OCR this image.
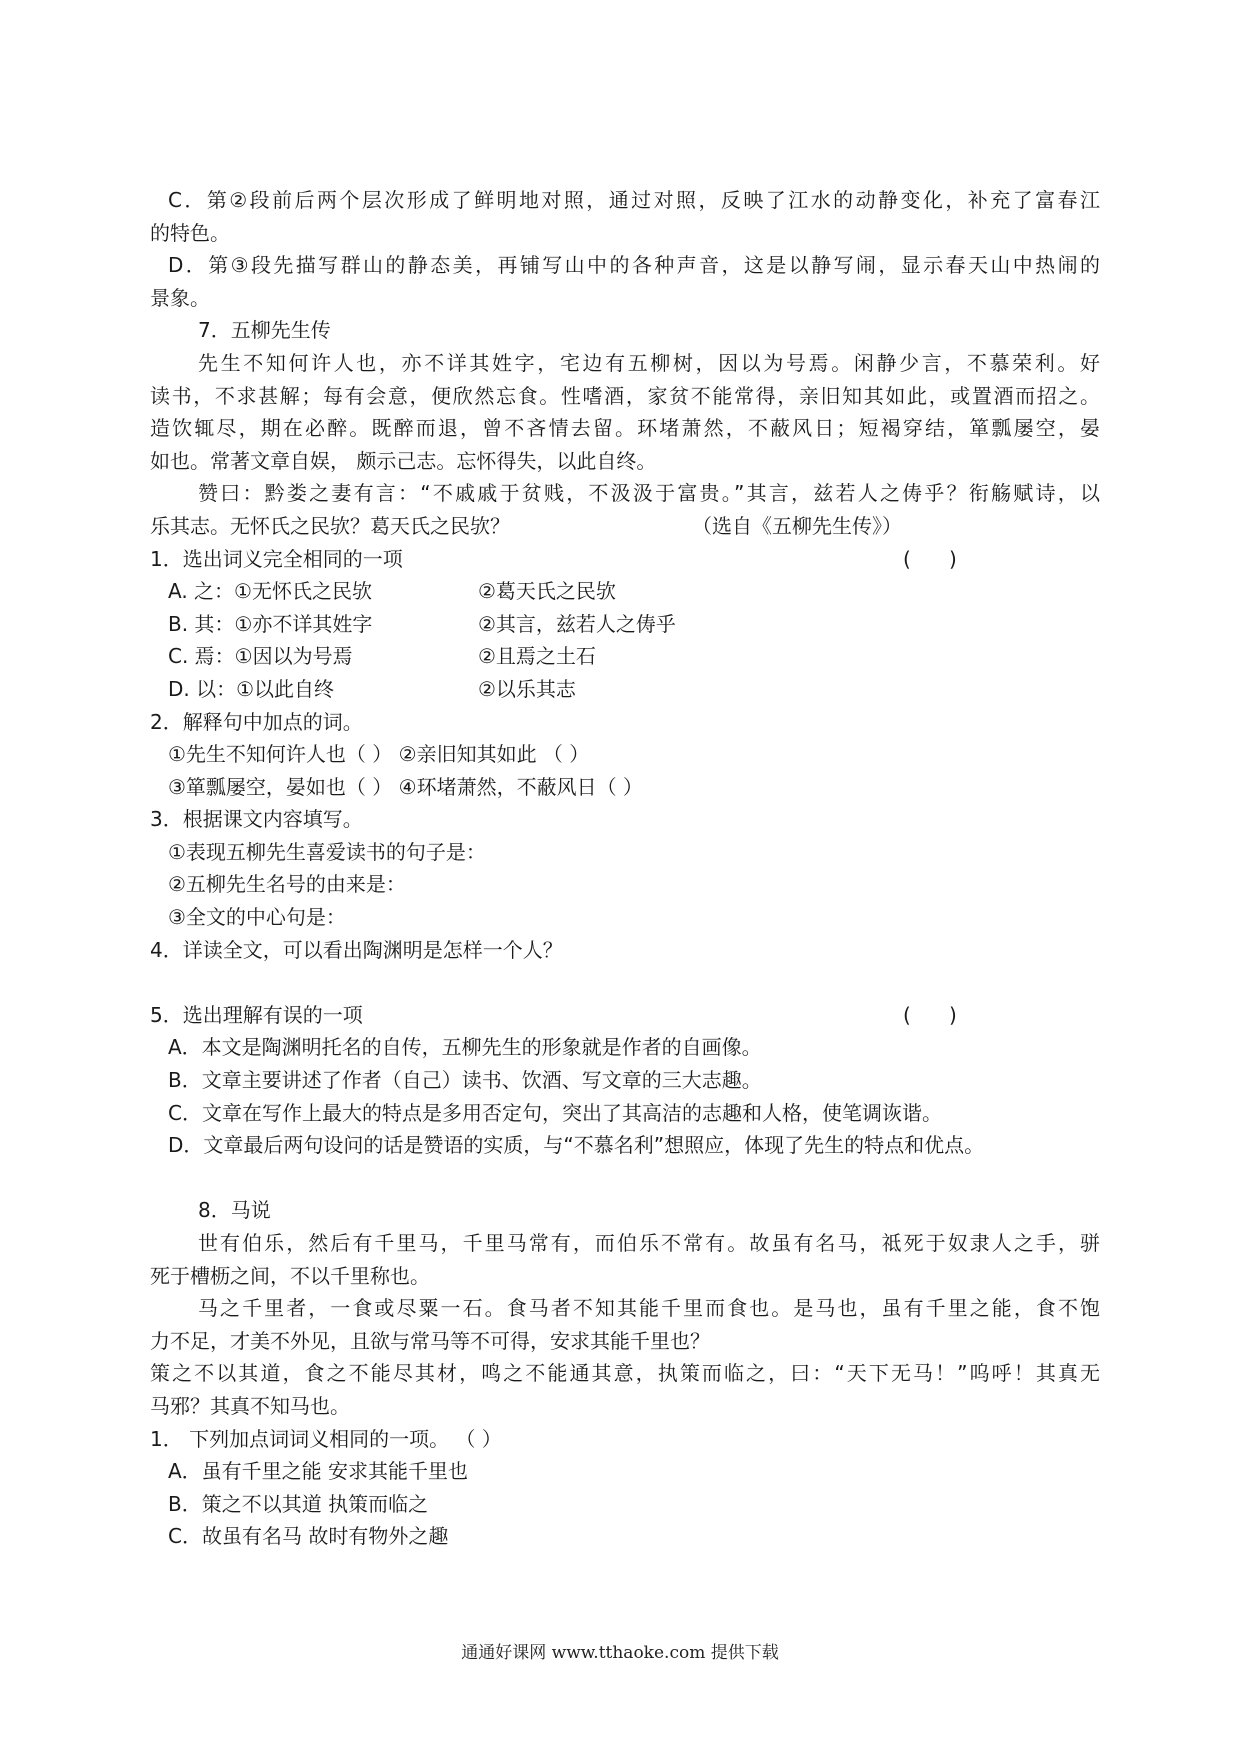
C．第②段前后两个层次形成了鲜明地对照，通过对照，反映了江水的动静变化，补充了富春江
的特色。
D．第③段先描写群山的静态美，再铺写山中的各种声音，这是以静写闹，显示春天山中热闹的
景象。
7．五柳先生传
先生不知何许人也，亦不详其姓字，宅边有五柳树，因以为号焉。闲静少言，不慕荣利。好
读书，不求甚解；每有会意，便欣然忘食。性嗜酒，家贫不能常得，亲旧知其如此，或置酒而招之。
造饮辄尽，期在必醉。既醉而退，曾不吝情去留。环堵萧然，不蔽风日；短褐穿结，箪瓢屡空，晏
如也。常著文章自娱， 颇示己志。忘怀得失，以此自终。
赞曰：黔娄之妻有言：“不戚戚于贫贱，不汲汲于富贵。”其言，兹若人之俦乎？衔觞赋诗，以
乐其志。无怀氏之民欤？葛天氏之民欤？	（选自《五柳先生传》）
1．选出词义完全相同的一项	(      )
A. 之：①无怀氏之民欤	②葛天氏之民欤
B. 其：①亦不详其姓字	②其言，兹若人之俦乎
C. 焉：①因以为号焉	②且焉之土石
D. 以：①以此自终	②以乐其志
2．解释句中加点的词。
①先生不知何许人也（ ） ②亲旧知其如此 （ ）
③箪瓢屡空，晏如也（ ） ④环堵萧然，不蔽风日（ ）
3．根据课文内容填写。
①表现五柳先生喜爱读书的句子是：
②五柳先生名号的由来是：
③全文的中心句是：
4．详读全文，可以看出陶渊明是怎样一个人？
5．选出理解有误的一项	(      )
A．本文是陶渊明托名的自传，五柳先生的形象就是作者的自画像。
B．文章主要讲述了作者（自己）读书、饮酒、写文章的三大志趣。
C．文章在写作上最大的特点是多用否定句，突出了其高洁的志趣和人格，使笔调诙谐。
D．文章最后两句设问的话是赞语的实质，与“不慕名利”想照应，体现了先生的特点和优点。
8．马说
世有伯乐，然后有千里马，千里马常有，而伯乐不常有。故虽有名马，祗死于奴隶人之手，骈
死于槽枥之间，不以千里称也。
马之千里者，一食或尽粟一石。食马者不知其能千里而食也。是马也，虽有千里之能，食不饱
力不足，才美不外见，且欲与常马等不可得，安求其能千里也？
策之不以其道，食之不能尽其材，鸣之不能通其意，执策而临之，曰：“天下无马！”呜呼！其真无
马邪？其真不知马也。
1． 下列加点词词义相同的一项。 （ ）
A．虽有千里之能 安求其能千里也
B．策之不以其道 执策而临之
C．故虽有名马 故时有物外之趣
通通好课网 www.tthaoke.com 提供下载
